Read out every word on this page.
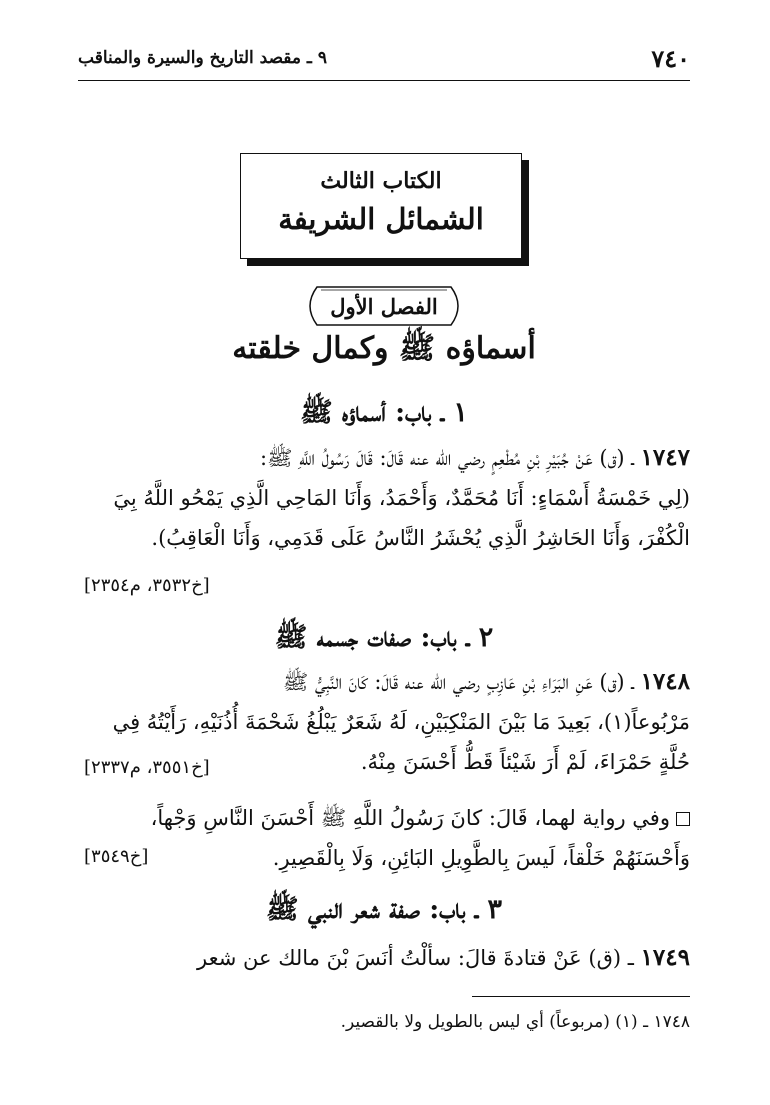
٧٤٠
٩ ـ مقصد التاريخ والسيرة والمناقب
الكتاب الثالث
الشمائل الشريفة
الفصل الأول
أسماؤه ﷺ وكمال خلقته
١ ـ باب: أسماؤه ﷺ
١٧٤٧ ـ (ق) عَنْ جُبَيْرِ بْنِ مُطْعِمٍ رضي الله عنه قَالَ: قَالَ رَسُولُ اللَّهِ ﷺ:
(لِي خَمْسَةُ أَسْمَاءٍ: أَنَا مُحَمَّدٌ، وَأَحْمَدُ، وَأَنَا المَاحِي الَّذِي يَمْحُو اللَّهُ بِيَ
الْكُفْرَ، وَأَنَا الحَاشِرُ الَّذِي يُحْشَرُ النَّاسُ عَلَى قَدَمِي، وَأَنَا الْعَاقِبُ).
[خ٣٥٣٢، م٢٣٥٤]
٢ ـ باب: صفات جسمه ﷺ
١٧٤٨ ـ (ق) عَنِ البَرَاءِ بْنِ عَازِبٍ رضي الله عنه قَالَ: كَانَ النَّبِيُّ ﷺ
مَرْبُوعاً(١)، بَعِيدَ مَا بَيْنَ المَنْكِبَيْنِ، لَهُ شَعَرٌ يَبْلُغُ شَحْمَةَ أُذُنَيْهِ، رَأَيْتُهُ فِي
حُلَّةٍ حَمْرَاءَ، لَمْ أَرَ شَيْئاً قَطُّ أَحْسَنَ مِنْهُ.
[خ٣٥٥١، م٢٣٣٧]
وفي رواية لهما، قَالَ: كانَ رَسُولُ اللَّهِ ﷺ أَحْسَنَ النَّاسِ وَجْهاً،
وَأَحْسَنَهُمْ خَلْقاً، لَيسَ بِالطَّوِيلِ البَائِنِ، وَلَا بِالْقَصِيرِ.
[خ٣٥٤٩]
٣ ـ باب: صفة شعر النبي ﷺ
١٧٤٩ ـ (ق) عَنْ قتادةَ قالَ: سألْتُ أنَسَ بْنَ مالك عن شعر
١٧٤٨ ـ (١) (مربوعاً) أي ليس بالطويل ولا بالقصير.
